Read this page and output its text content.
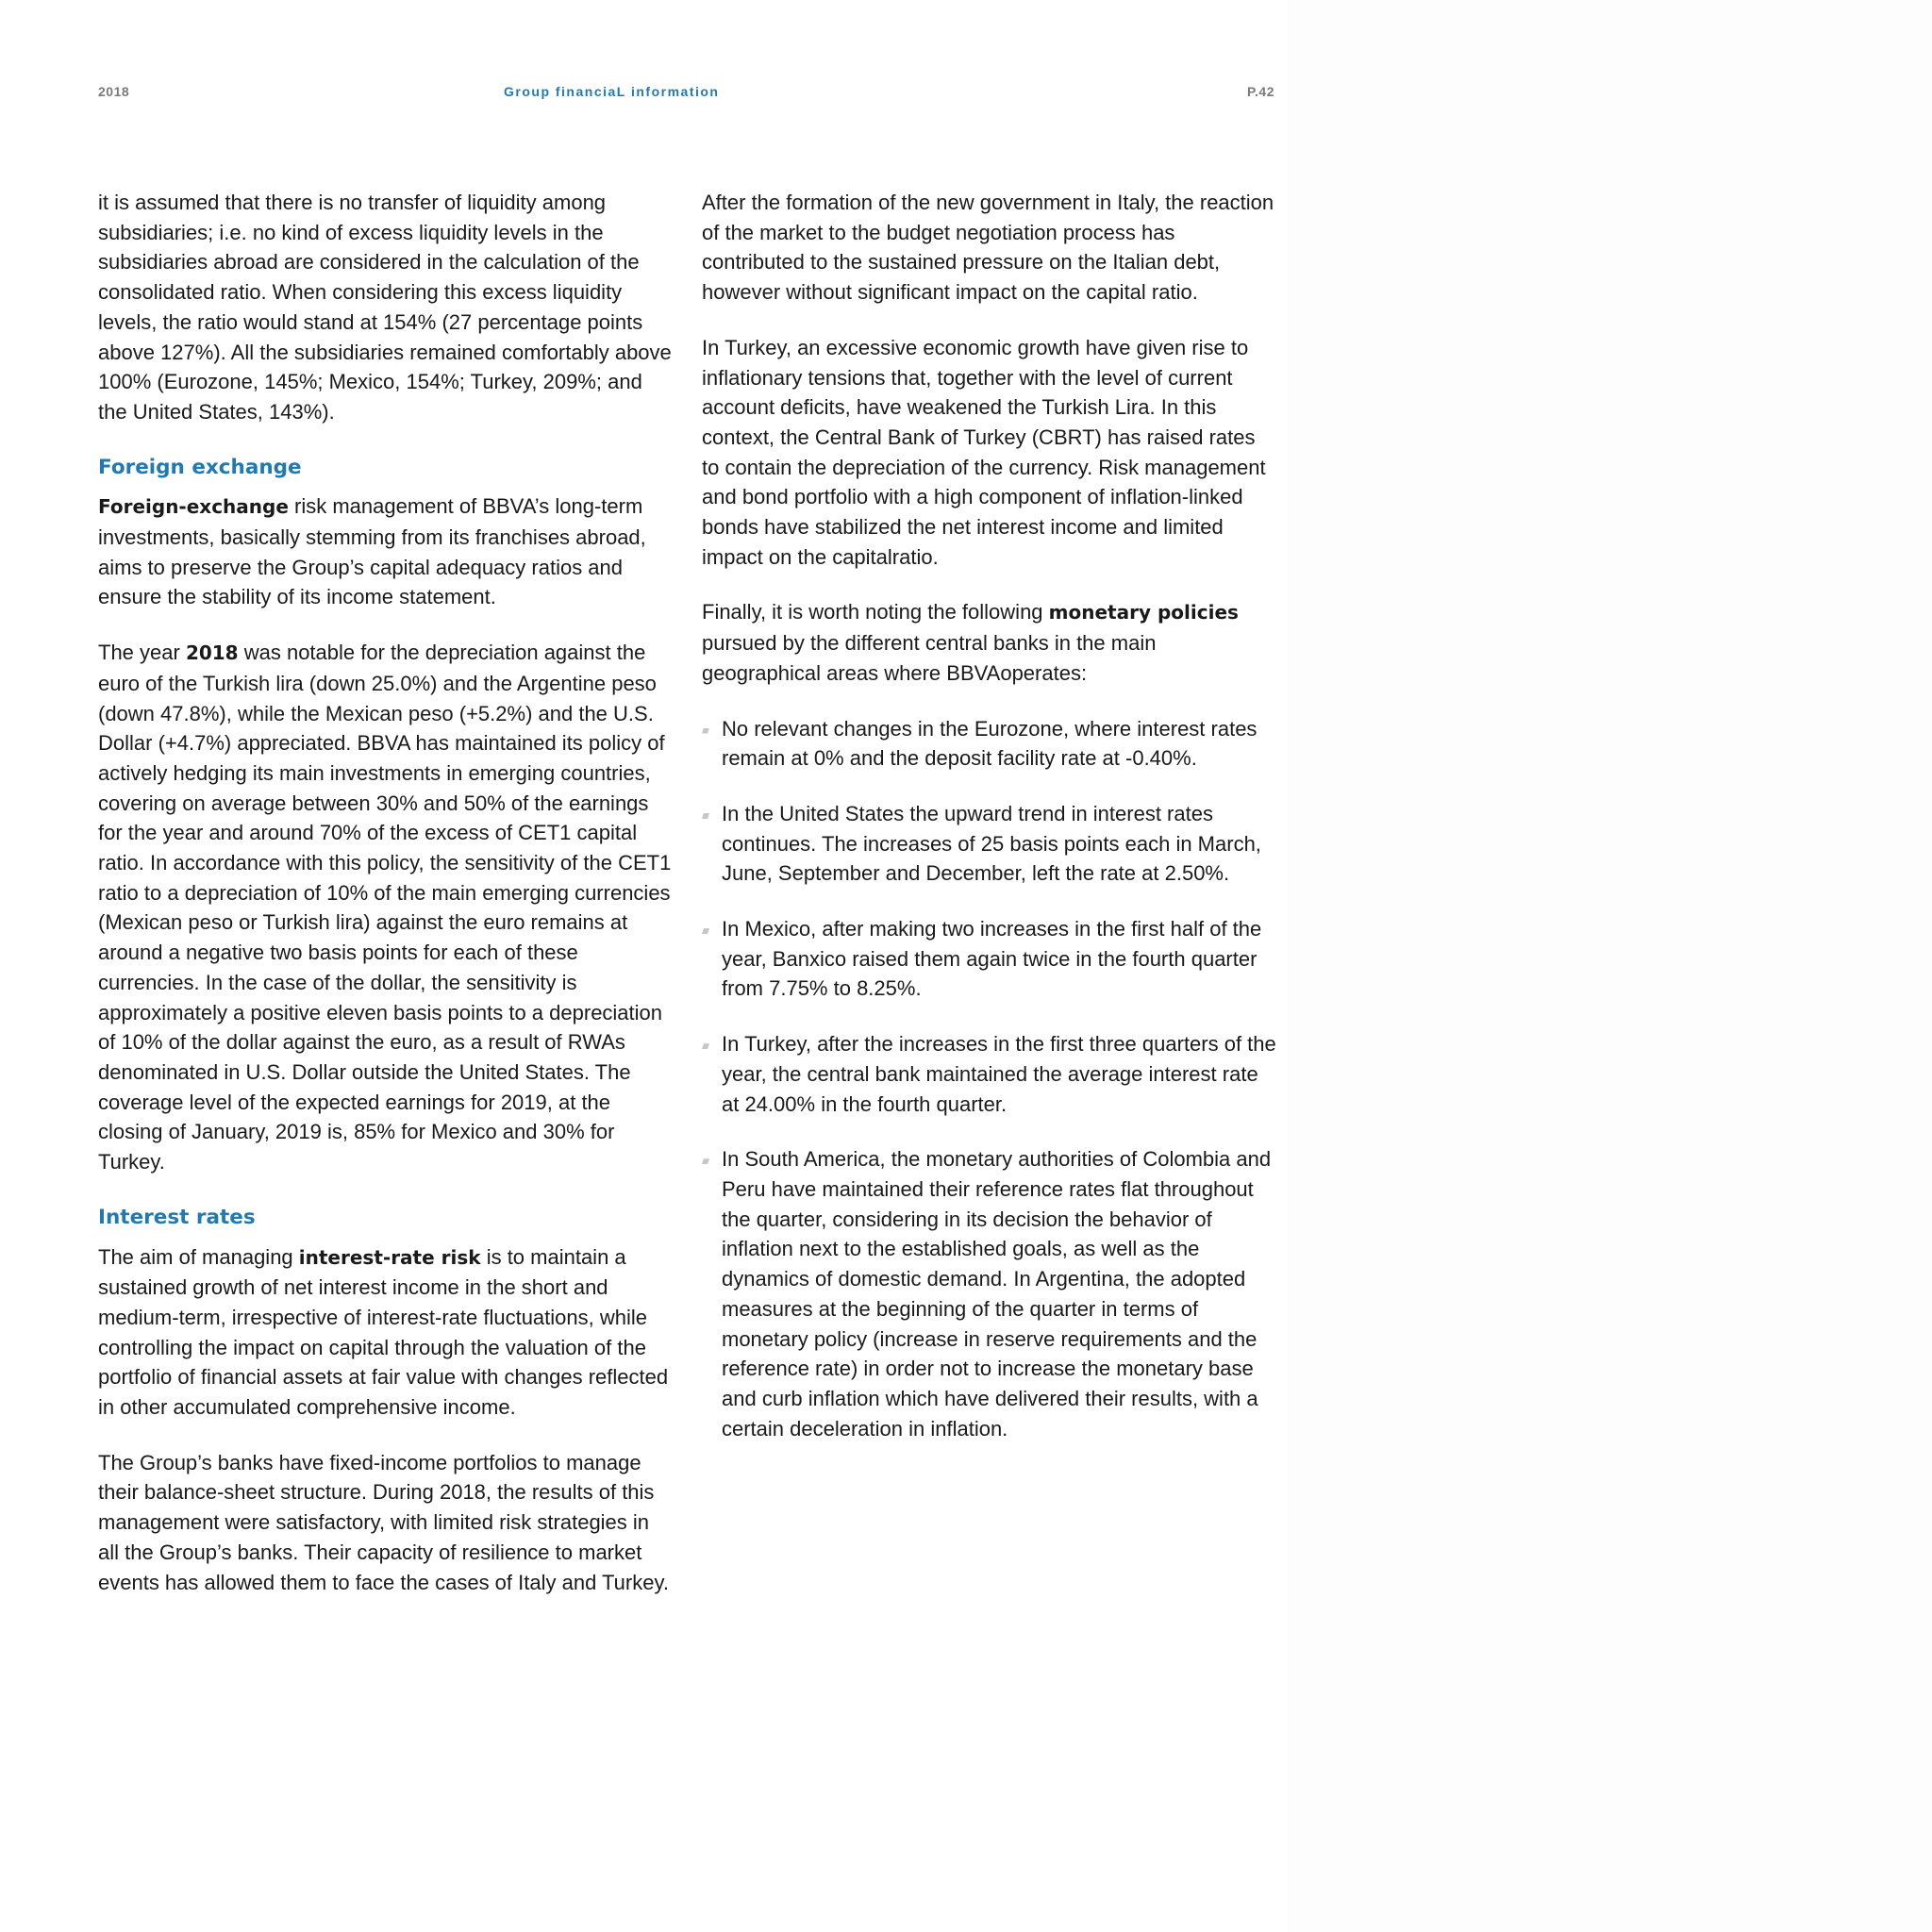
2018	Group financiaL information	P.42

it is assumed that there is no transfer of liquidity among subsidiaries; i.e. no kind of excess liquidity levels in the subsidiaries abroad are considered in the calculation of the consolidated ratio. When considering this excess liquidity levels, the ratio would stand at 154% (27 percentage points above 127%). All the subsidiaries remained comfortably above 100% (Eurozone, 145%; Mexico, 154%; Turkey, 209%; and the United States, 143%).

Foreign exchange

Foreign-exchange risk management of BBVA’s long-term investments, basically stemming from its franchises abroad, aims to preserve the Group’s capital adequacy ratios and ensure the stability of its income statement.

The year 2018 was notable for the depreciation against the euro of the Turkish lira (down 25.0%) and the Argentine peso (down 47.8%), while the Mexican peso (+5.2%) and the U.S. Dollar (+4.7%) appreciated. BBVA has maintained its policy of actively hedging its main investments in emerging countries, covering on average between 30% and 50% of the earnings for the year and around 70% of the excess of CET1 capital ratio. In accordance with this policy, the sensitivity of the CET1 ratio to a depreciation of 10% of the main emerging currencies (Mexican peso or Turkish lira) against the euro remains at around a negative two basis points for each of these currencies. In the case of the dollar, the sensitivity is approximately a positive eleven basis points to a depreciation of 10% of the dollar against the euro, as a result of RWAs denominated in U.S. Dollar outside the United States. The coverage level of the expected earnings for 2019, at the closing of January, 2019 is, 85% for Mexico and 30% for Turkey.

Interest rates

The aim of managing interest-rate risk is to maintain a sustained growth of net interest income in the short and medium-term, irrespective of interest-rate fluctuations, while controlling the impact on capital through the valuation of the portfolio of financial assets at fair value with changes reflected in other accumulated comprehensive income.

The Group’s banks have fixed-income portfolios to manage their balance-sheet structure. During 2018, the results of this management were satisfactory, with limited risk strategies in all the Group’s banks. Their capacity of resilience to market events has allowed them to face the cases of Italy and Turkey.

After the formation of the new government in Italy, the reaction of the market to the budget negotiation process has contributed to the sustained pressure on the Italian debt, however without significant impact on the capital ratio.

In Turkey, an excessive economic growth have given rise to inflationary tensions that, together with the level of current account deficits, have weakened the Turkish Lira. In this context, the Central Bank of Turkey (CBRT) has raised rates to contain the depreciation of the currency. Risk management and bond portfolio with a high component of inflation-linked bonds have stabilized the net interest income and limited impact on the capitalratio.

Finally, it is worth noting the following monetary policies pursued by the different central banks in the main geographical areas where BBVAoperates:

No relevant changes in the Eurozone, where interest rates remain at 0% and the deposit facility rate at -0.40%.
In the United States the upward trend in interest rates continues. The increases of 25 basis points each in March, June, September and December, left the rate at 2.50%.
In Mexico, after making two increases in the first half of the year, Banxico raised them again twice in the fourth quarter from 7.75% to 8.25%.
In Turkey, after the increases in the first three quarters of the year, the central bank maintained the average interest rate at 24.00% in the fourth quarter.
In South America, the monetary authorities of Colombia and Peru have maintained their reference rates flat throughout the quarter, considering in its decision the behavior of inflation next to the established goals, as well as the dynamics of domestic demand. In Argentina, the adopted measures at the beginning of the quarter in terms of monetary policy (increase in reserve requirements and the reference rate) in order not to increase the monetary base and curb inflation which have delivered their results, with a certain deceleration in inflation.
